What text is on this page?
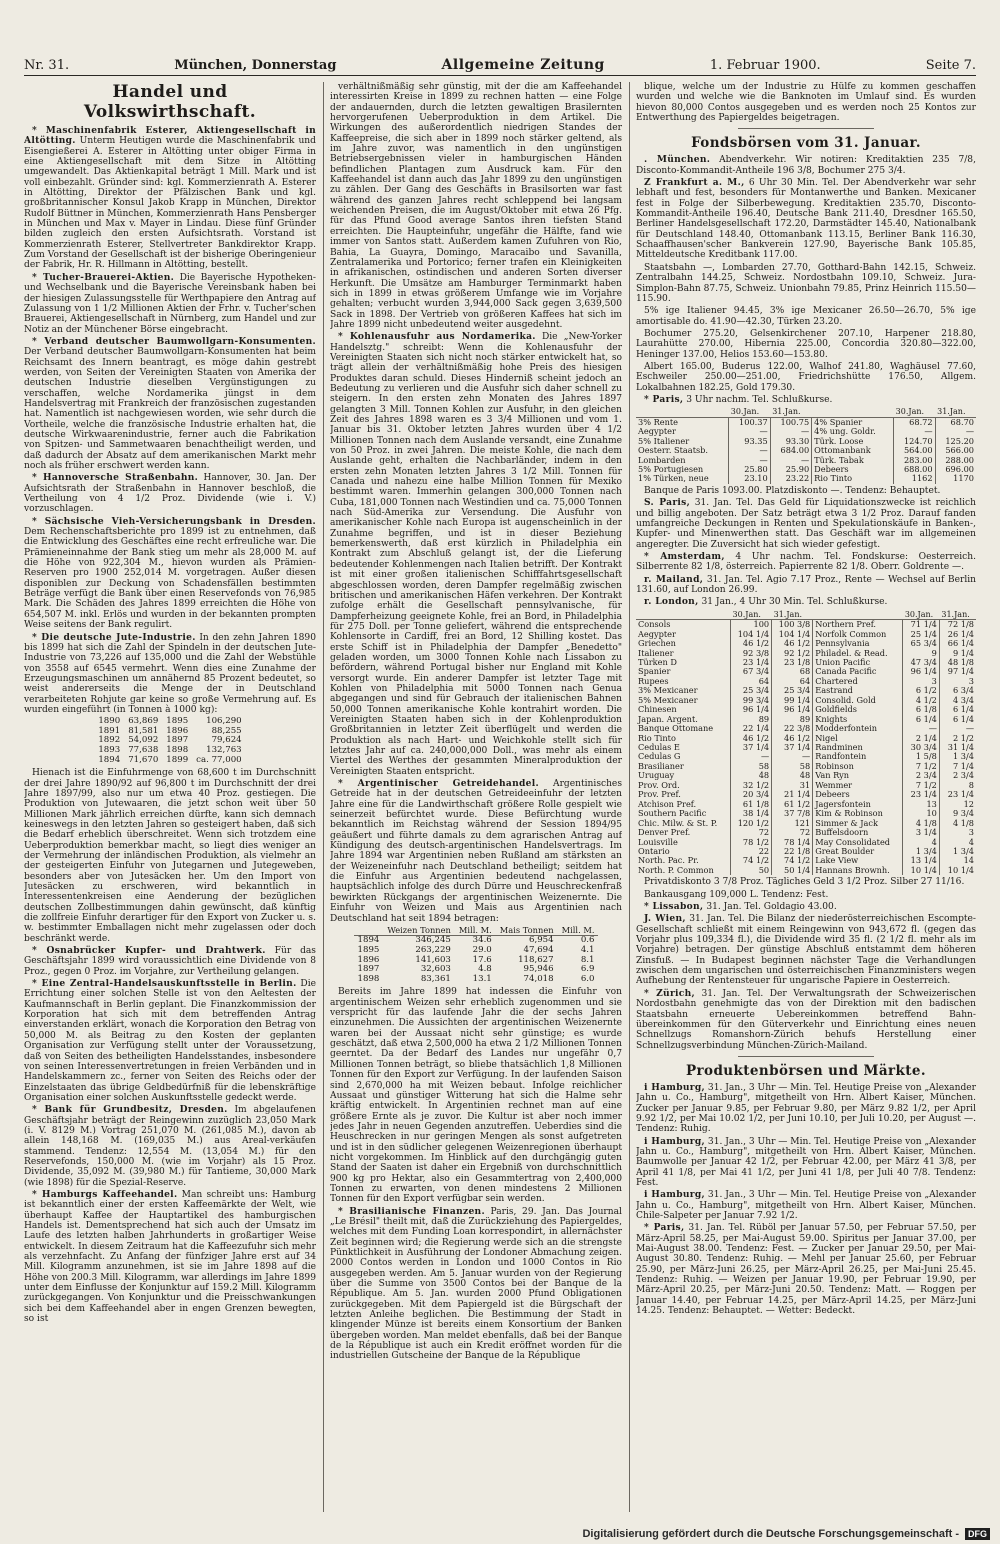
Nr. 31.	München, Donnerstag	Allgemeine Zeitung	1. Februar 1900.	Seite 7.
Handel und Volkswirthschaft.

* Maschinenfabrik Esterer, Aktiengesellschaft in Altötting. Unterm Heutigen wurde die Maschinenfabrik und Eisengießerei A. Esterer in Altötting unter obiger Firma in eine Aktiengesellschaft mit dem Sitze in Altötting umgewandelt. Das Aktienkapital beträgt 1 Mill. Mark und ist voll einbezahlt. Gründer sind: kgl. Kommerzienrath A. Esterer in Altötting, Direktor der Pfälzischen Bank und kgl. großbritannischer Konsul Jakob Krapp in München, Direktor Rudolf Büttner in München, Kommerzienrath Hans Pensberger in München und Max v. Mayer in Lindau. Diese fünf Gründer bilden zugleich den ersten Aufsichtsrath. Vorstand ist Kommerzienrath Esterer, Stellvertreter Bankdirektor Krapp. Zum Vorstand der Gesellschaft ist der bisherige Oberingenieur der Fabrik, Hr. R. Hillmann in Altötting, bestellt.

* Tucher-Brauerei-Aktien. Die Bayerische Hypotheken- und Wechselbank und die Bayerische Vereinsbank haben bei der hiesigen Zulassungsstelle für Werthpapiere den Antrag auf Zulassung von 1 1/2 Millionen Aktien der Frhr. v. Tucher'schen Brauerei, Aktiengesellschaft in Nürnberg, zum Handel und zur Notiz an der Münchener Börse eingebracht.

* Verband deutscher Baumwollgarn-Konsumenten. Der Verband deutscher Baumwollgarn-Konsumenten hat beim Reichsamt des Innern beantragt, es möge dahin gestrebt werden, von Seiten der Vereinigten Staaten von Amerika der deutschen Industrie dieselben Vergünstigungen zu verschaffen, welche Nordamerika jüngst in dem Handelsvertrag mit Frankreich der französischen zugestanden hat. Namentlich ist nachgewiesen worden, wie sehr durch die Vortheile, welche die französische Industrie erhalten hat, die deutsche Wirkwaarenindustrie, ferner auch die Fabrikation von Spitzen- und Sammetwaaren benachtheiligt werden, und daß dadurch der Absatz auf dem amerikanischen Markt mehr noch als früher erschwert werden kann.

* Hannoversche Straßenbahn. Hannover, 30. Jan. Der Aufsichtsrath der Straßenbahn in Hannover beschloß, die Vertheilung von 4 1/2 Proz. Dividende (wie i. V.) vorzuschlagen.

* Sächsische Vieh-Versicherungsbank in Dresden. Dem Rechenschaftsberichte pro 1899 ist zu entnehmen, daß die Entwicklung des Geschäftes eine recht erfreuliche war. Die Prämieneinnahme der Bank stieg um mehr als 28,000 M. auf die Höhe von 922,304 M., hievon wurden als Prämien-Reserven pro 1900 252,014 M. vorgetragen. Außer diesen disponiblen zur Deckung von Schadensfällen bestimmten Beträge verfügt die Bank über einen Reservefonds von 76,985 Mark. Die Schäden des Jahres 1899 erreichten die Höhe von 654,507 M. inkl. Erlös und wurden in der bekannten prompten Weise seitens der Bank regulirt.

* Die deutsche Jute-Industrie. In den zehn Jahren 1890 bis 1899 hat sich die Zahl der Spindeln in der deutschen Jute-Industrie von 73,226 auf 135,000 und die Zahl der Webstühle von 3558 auf 6545 vermehrt. Wenn dies eine Zunahme der Erzeugungsmaschinen um annähernd 85 Prozent bedeutet, so weist andererseits die Menge der in Deutschland verarbeiteten Rohjute gar keine so große Vermehrung auf. Es wurden eingeführt (in Tonnen à 1000 kg):

1890	63,869	1895	106,290
1891	81,581	1896	88,255
1892	54,092	1897	79,624
1893	77,638	1898	132,763
1894	71,670	1899	ca. 77,000

Hienach ist die Einfuhrmenge von 68,600 t im Durchschnitt der drei Jahre 1890/92 auf 96,800 t im Durchschnitt der drei Jahre 1897/99, also nur um etwa 40 Proz. gestiegen. Die Produktion von Jutewaaren, die jetzt schon weit über 50 Millionen Mark jährlich erreichen dürfte, kann sich demnach keineswegs in den letzten Jahren so gesteigert haben, daß sich die Bedarf erheblich überschreitet. Wenn sich trotzdem eine Ueberproduktion bemerkbar macht, so liegt dies weniger an der Vermehrung der inländischen Produktion, als vielmehr an der gesteigerten Einfuhr von Jutegarnen und Jutegeweben, besonders aber von Jutesäcken her. Um den Import von Jutesäcken zu erschweren, wird bekanntlich in Interessentenkreisen eine Aenderung der bezüglichen deutschen Zollbestimmungen dahin gewünscht, daß künftig die zollfreie Einfuhr derartiger für den Export von Zucker u. s. w. bestimmter Emballagen nicht mehr zugelassen oder doch beschränkt werde.

* Osnabrücker Kupfer- und Drahtwerk. Für das Geschäftsjahr 1899 wird voraussichtlich eine Dividende von 8 Proz., gegen 0 Proz. im Vorjahre, zur Vertheilung gelangen.

* Eine Zentral-Handelsauskunftsstelle in Berlin. Die Errichtung einer solchen Stelle ist von den Aeltesten der Kaufmannschaft in Berlin geplant. Die Finanzkommission der Korporation hat sich mit dem betreffenden Antrag einverstanden erklärt, wonach die Korporation den Betrag von 50,000 M. als Beitrag zu den Kosten der geplanten Organisation zur Verfügung stellt unter der Voraussetzung, daß von Seiten des betheiligten Handelsstandes, insbesondere von seinen Interessenvertretungen in freien Verbänden und in Handelskammern zc., ferner von Seiten des Reichs oder der Einzelstaaten das übrige Geldbedürfniß für die lebenskräftige Organisation einer solchen Auskunftsstelle gedeckt werde.

* Bank für Grundbesitz, Dresden. Im abgelaufenen Geschäftsjahr beträgt der Reingewinn zuzüglich 23,050 Mark (i. V. 8129 M.) Vortrag 251,070 M. (261,085 M.), davon ab allein 148,168 M. (169,035 M.) aus Areal-verkäufen stammend. Tendenz: 12,554 M. (13,054 M.) für den Reservefonds, 150,000 M. (wie im Vorjahr) als 15 Proz. Dividende, 35,092 M. (39,980 M.) für Tantieme, 30,000 Mark (wie 1898) für die Spezial-Reserve.

* Hamburgs Kaffeehandel. Man schreibt uns: Hamburg ist bekanntlich einer der ersten Kaffeemärkte der Welt, wie überhaupt Kaffee der Hauptartikel des hamburgischen Handels ist. Dementsprechend hat sich auch der Umsatz im Laufe des letzten halben Jahrhunderts in großartiger Weise entwickelt. In diesem Zeitraum hat die Kaffeezufuhr sich mehr als verzehnfacht. Zu Anfang der fünfziger Jahre erst auf 34 Mill. Kilogramm anzunehmen, ist sie im Jahre 1898 auf die Höhe von 200.3 Mill. Kilogramm, war allerdings im Jahre 1899 unter dem Einflusse der Konjunktur auf 159.2 Mill. Kilogramm zurückgegangen. Von Konjunktur und die Preisschwankungen sich bei dem Kaffeehandel aber in engen Grenzen bewegten, so ist

verhältnißmäßig sehr günstig, mit der die am Kaffeehandel interessirten Kreise in 1899 zu rechnen hatten — eine Folge der andauernden, durch die letzten gewaltigen Brasilernten hervorgerufenen Ueberproduktion in dem Artikel. Die Wirkungen des außerordentlich niedrigen Standes der Kaffeepreise, die sich aber in 1899 noch stärker geltend, als im Jahre zuvor, was namentlich in den ungünstigen Betriebsergebnissen vieler in hamburgischen Händen befindlichen Plantagen zum Ausdruck kam. Für den Kaffeehandel ist dann auch das Jahr 1899 zu den ungünstigen zu zählen. Der Gang des Geschäfts in Brasilsorten war fast während des ganzen Jahres recht schleppend bei langsam weichenden Preisen, die im August/Oktober mit etwa 26 Pfg. für das Pfund Good average Santos ihren tiefsten Stand erreichten. Die Haupteinfuhr, ungefähr die Hälfte, fand wie immer von Santos statt. Außerdem kamen Zufuhren von Rio, Bahia, La Guayra, Domingo, Maracaibo und Savanilla, Zentralamerika und Portorico; ferner trafen ein Kleinigkeiten in afrikanischen, ostindischen und anderen Sorten diverser Herkunft. Die Umsätze am Hamburger Terminmarkt haben sich in 1899 in etwas größerem Umfange wie im Vorjahre gehalten; verbucht wurden 3,944,000 Sack gegen 3,639,500 Sack in 1898. Der Vertrieb von größeren Kaffees hat sich im Jahre 1899 nicht unbedeutend weiter ausgedehnt.

* Kohlenausfuhr aus Nordamerika. Die „New-Yorker Handelsztg." schreibt: Wenn die Kohlenausfuhr der Vereinigten Staaten sich nicht noch stärker entwickelt hat, so trägt allein der verhältnißmäßig hohe Preis des hiesigen Produktes daran schuld. Dieses Hinderniß scheint jedoch an Bedeutung zu verlieren und die Ausfuhr sich daher schnell zu steigern. In den ersten zehn Monaten des Jahres 1897 gelangten 3 Mill. Tonnen Kohlen zur Ausfuhr, in den gleichen Zeit des Jahres 1898 waren es 3 3/4 Millionen und vom 1. Januar bis 31. Oktober letzten Jahres wurden über 4 1/2 Millionen Tonnen nach dem Auslande versandt, eine Zunahme von 50 Proz. in zwei Jahren. Die meiste Kohle, die nach dem Auslande geht, erhalten die Nachbarländer, indem in den ersten zehn Monaten letzten Jahres 3 1/2 Mill. Tonnen für Canada und nahezu eine halbe Million Tonnen für Mexiko bestimmt waren. Immerhin gelangen 300,000 Tonnen nach Cuba, 181,000 Tonnen nach Westindien und ca. 75,000 Tonnen nach Süd-Amerika zur Versendung. Die Ausfuhr von amerikanischer Kohle nach Europa ist augenscheinlich in der Zunahme begriffen, und ist in dieser Beziehung bemerkenswerth, daß erst kürzlich in Philadelphia ein Kontrakt zum Abschluß gelangt ist, der die Lieferung bedeutender Kohlenmengen nach Italien betrifft. Der Kontrakt ist mit einer großen italienischen Schifffahrtsgesellschaft abgeschlossen worden, deren Dampfer regelmäßig zwischen britischen und amerikanischen Häfen verkehren. Der Kontrakt zufolge erhält die Gesellschaft pennsylvanische, für Dampferheizung geeignete Kohle, frei an Bord, in Philadelphia für 275 Doll. per Tonne geliefert, während die entsprechende Kohlensorte in Cardiff, frei an Bord, 12 Shilling kostet. Das erste Schiff ist in Philadelphia der Dampfer „Benedetto" geladen worden, um 3000 Tonnen Kohle nach Lissabon zu befördern, während Portugal bisher nur England mit Kohle versorgt wurde. Ein anderer Dampfer ist letzter Tage mit Kohlen von Philadelphia mit 5000 Tonnen nach Genua abgegangen und sind für Gebrauch der italienischen Bahnen 50,000 Tonnen amerikanische Kohle kontrahirt worden. Die Vereinigten Staaten haben sich in der Kohlenproduktion Großbritannien in letzter Zeit überflügelt und werden die Produktion als nach Hart- und Weichkohle stellt sich für letztes Jahr auf ca. 240,000,000 Doll., was mehr als einem Viertel des Werthes der gesammten Mineralproduktion der Vereinigten Staaten entspricht.

* Argentinischer Getreidehandel. Argentinisches Getreide hat in der deutschen Getreideeinfuhr der letzten Jahre eine für die Landwirthschaft größere Rolle gespielt wie seinerzeit befürchtet wurde. Diese Befürchtung wurde bekanntlich im Reichstag während der Session 1894/95 geäußert und führte damals zu dem agrarischen Antrag auf Kündigung des deutsch-argentinischen Handelsvertrags. Im Jahre 1894 war Argentinien neben Rußland am stärksten an der Weizeneinfuhr nach Deutschland betheiligt; seitdem hat die Einfuhr aus Argentinien bedeutend nachgelassen, hauptsächlich infolge des durch Dürre und Heuschreckenfraß bewirkten Rückgangs der argentinischen Weizenernte. Die Einfuhr von Weizen und Mais aus Argentinien nach Deutschland hat seit 1894 betragen:

	Weizen Tonnen	Mill. M.	Mais Tonnen	Mill. M.
1894	346,245	34.6	6,954	0.6
1895	263,229	29.0	47,694	4.1
1896	141,603	17.6	118,627	8.1
1897	32,603	4.8	95,946	6.9
1898	83,361	13.1	74,018	6.0

Bereits im Jahre 1899 hat indessen die Einfuhr von argentinischem Weizen sehr erheblich zugenommen und sie verspricht für das laufende Jahr die der sechs Jahren einzunehmen. Die Aussichten der argentinischen Weizenernte waren bei der Aussaat nicht sehr günstige; es wurde geschätzt, daß etwa 2,500,000 ha etwa 2 1/2 Millionen Tonnen geerntet. Da der Bedarf des Landes nur ungefähr 0,7 Millionen Tonnen beträgt, so bliebe thatsächlich 1,8 Millionen Tonnen für den Export zur Verfügung. In der laufenden Saison sind 2,670,000 ha mit Weizen bebaut. Infolge reichlicher Aussaat und günstiger Witterung hat sich die Halme sehr kräftig entwickelt. In Argentinien rechnet man auf eine größere Ernte als je zuvor. Die Kultur ist aber noch immer jedes Jahr in neuen Gegenden anzutreffen. Ueberdies sind die Heuschrecken in nur geringen Mengen als sonst aufgetreten und ist in den südlicher gelegenen Weizenregionen überhaupt nicht vorgekommen. Im Hinblick auf den durchgängig guten Stand der Saaten ist daher ein Ergebniß von durchschnittlich 900 kg pro Hektar, also ein Gesammtertrag von 2,400,000 Tonnen zu erwarten, von denen mindestens 2 Millionen Tonnen für den Export verfügbar sein werden.

* Brasilianische Finanzen. Paris, 29. Jan. Das Journal „Le Brésil" theilt mit, daß die Zurückziehung des Papiergeldes, welches mit dem Funding Loan korrespondirt, in allernächster Zeit beginnen wird; die Regierung werde sich an die strengste Pünktlichkeit in Ausführung der Londoner Abmachung zeigen. 2000 Contos werden in London und 1000 Contos in Rio ausgegeben werden. Am 5. Januar wurden von der Regierung über die Summe von 3500 Contos bei der Banque de la République. Am 5. Jan. wurden 2000 Pfund Obligationen zurückgegeben. Mit dem Papiergeld ist die Bürgschaft der letzten Anleihe beglichen. Die Bestimmung der Stadt in klingender Münze ist bereits einem Konsortium der Banken übergeben worden. Man meldet ebenfalls, daß bei der Banque de la République ist auch ein Kredit eröffnet worden für die industriellen Gutscheine der Banque de la République

blique, welche um der Industrie zu Hülfe zu kommen geschaffen wurden und welche wie die Banknoten im Umlauf sind. Es wurden hievon 80,000 Contos ausgegeben und es werden noch 25 Kontos zur Entwerthung des Papiergeldes beigetragen.
Fondsbörsen vom 31. Januar.

. München. Abendverkehr. Wir notiren: Kreditaktien 235 7/8, Disconto-Kommandit-Antheile 196 3/8, Bochumer 275 3/4.

Z Frankfurt a. M., 6 Uhr 30 Min. Tel. Der Abendverkehr war sehr lebhaft und fest, besonders für Montanwerthe und Banken. Mexicaner fest in Folge der Silberbewegung. Kreditaktien 235.70, Disconto-Kommandit-Antheile 196.40, Deutsche Bank 211.40, Dresdner 165.50, Berliner Handelsgesellschaft 172.20, Darmstädter 145.40, Nationalbank für Deutschland 148.40, Ottomanbank 113.15, Berliner Bank 116.30, Schaaffhausen'scher Bankverein 127.90, Bayerische Bank 105.85, Mitteldeutsche Kreditbank 117.00.

Staatsbahn —, Lombarden 27.70, Gotthard-Bahn 142.15, Schweiz. Zentralbahn 144.25, Schweiz. Nordostbahn 109.10, Schweiz. Jura-Simplon-Bahn 87.75, Schweiz. Unionbahn 79.85, Prinz Heinrich 115.50—115.90.

5% ige Italiener 94.45, 3% ige Mexicaner 26.50—26.70, 5% ige amortisable do. 41.90—42.30, Türken 23.20.

Bochumer 275.20, Gelsenkirchener 207.10, Harpener 218.80, Laurahütte 270.00, Hibernia 225.00, Concordia 320.80—322.00, Heninger 137.00, Helios 153.60—153.80.

Albert 165.00, Buderus 122.00, Walhof 241.80, Waghäusel 77.60, Eschweiler 250.00—251.00, Friedrichshütte 176.50, Allgem. Lokalbahnen 182.25, Gold 179.30.

* Paris, 3 Uhr nachm. Tel. Schlußkurse.

	30.Jan.	31.Jan.		30.Jan.	31.Jan.
3% Rente	100.37	100.75	4% Spanier	68.72	68.70
Aegypter	—	—	4% ung. Goldr.	—	—
5% Italiener	93.35	93.30	Türk. Loose	124.70	125.20
Oesterr. Staatsb.	—	684.00	Ottomanbank	564.00	566.00
Lombarden	—	—	Türk. Tabak	283.00	288.00
5% Portugiesen	25.80	25.90	Debeers	688.00	696.00
1% Türken, neue	23.10	23.22	Rio Tinto	1162	1170
Banque de Paris 1093.00. Platzdiskonto —. Tendenz: Behauptet.

S. Paris, 31. Jan. Tel. Das Geld für Liquidationszwecke ist reichlich und billig angeboten. Der Satz beträgt etwa 3 1/2 Proz. Darauf fanden umfangreiche Deckungen in Renten und Spekulationskäufe in Banken-, Kupfer- und Minenwerthen statt. Das Geschäft war im allgemeinen angeregter. Die Zuversicht hat sich wieder gefestigt.

* Amsterdam, 4 Uhr nachm. Tel. Fondskurse: Oesterreich. Silberrente 82 1/8, österreich. Papierrente 82 1/8. Oberr. Goldrente —.

r. Mailand, 31. Jan. Tel. Agio 7.17 Proz., Rente — Wechsel auf Berlin 131.60, auf London 26.99.

r. London, 31 Jan., 4 Uhr 30 Min. Tel. Schlußkurse.

	30.Jan.	31.Jan.		30.Jan.	31.Jan.
Consols	100	100 3/8	Northern Pref.	71 1/4	72 1/8
Aegypter	104 1/4	104 1/4	Norfolk Common	25 1/4	26 1/4
Griechen	46 1/2	46 1/2	Pennsylvania	65 3/4	66 1/4
Italiener	92 3/8	92 1/2	Philadel. & Read.	9	9 1/4
Türken D	23 1/4	23 1/8	Union Pacific	47 3/4	48 1/8
Spanier	67 3/4	68	Canada Pacific	96 1/4	97 1/4
Rupees	64	64	Chartered	3	3
3% Mexicaner	25 3/4	25 3/4	Eastrand	6 1/2	6 3/4
5% Mexicaner	99 3/4	99 1/4	Consolid. Gold	4 1/2	4 3/4
Chinesen	96 1/4	96 1/4	Goldfields	6 1/8	6 1/4
Japan. Argent.	89	89	Knights	6 1/4	6 1/4
Banque Ottomane	22 1/4	22 3/8	Modderfontein	—	—
Rio Tinto	46 1/2	46 1/2	Nigel	2 1/4	2 1/2
Cedulas E	37 1/4	37 1/4	Randminen	30 3/4	31 1/4
Cedulas G	—	—	Randfontein	1 5/8	1 3/4
Brasilianer	58	58	Robinson	7 1/2	7 1/4
Uruguay	48	48	Van Ryn	2 3/4	2 3/4
Prov. Ord.	32 1/2	31	Wemmer	7 1/2	8
Prov. Pref.	20 3/4	21 1/4	Debeers	23 1/4	23 1/4
Atchison Pref.	61 1/8	61 1/2	Jagersfontein	13	12
Southern Pacific	38 1/4	37 7/8	Kim & Robinson	10	9 3/4
Chic. Milw. & St. P.	120 1/2	121	Simmer & Jack	4 1/8	4 1/8
Denver Pref.	72	72	Buffelsdoorn	3 1/4	3
Louisville	78 1/2	78 1/4	May Consolidated	4	4
Ontario	22	22 1/8	Great Boulder	1 3/4	1 3/4
North. Pac. Pr.	74 1/2	74 1/2	Lake View	13 1/4	14
North. P. Common	50	50 1/4	Hannans Brownh.	10 1/4	10 1/4
Privatdiskonto 3 7/8 Proz. Tägliches Geld 3 1/2 Proz. Silber 27 11/16.
Bankausgang 109,000 L. Tendenz: Fest.

* Lissabon, 31. Jan. Tel. Goldagio 43.00.

J. Wien, 31. Jan. Tel. Die Bilanz der niederösterreichischen Escompte-Gesellschaft schließt mit einem Reingewinn von 943,672 fl. (gegen das Vorjahr plus 109,334 fl.), die Dividende wird 35 fl. (2 1/2 fl. mehr als im Vorjahre) betragen. Der günstige Abschluß entstammt dem höheren Zinsfuß. — In Budapest beginnen nächster Tage die Verhandlungen zwischen dem ungarischen und österreichischen Finanzministers wegen Aufhebung der Rentensteuer für ungarische Papiere in Oesterreich.

* Zürich, 31. Jan. Tel. Der Verwaltungsrath der Schweizerischen Nordostbahn genehmigte das von der Direktion mit den badischen Staatsbahn erneuerte Uebereinkommen betreffend Bahn-übereinkommen für den Güterverkehr und Einrichtung eines neuen Schnellzugs Romanshorn-Zürich behufs Herstellung einer Schnellzugsverbindung München-Zürich-Mailand.

Produktenbörsen und Märkte.

i Hamburg, 31. Jan., 3 Uhr — Min. Tel. Heutige Preise von „Alexander Jahn u. Co., Hamburg", mitgetheilt von Hrn. Albert Kaiser, München. Zucker per Januar 9.85, per Februar 9.80, per März 9.82 1/2, per April 9.92 1/2, per Mai 10.02 1/2, per Juni 10.10, per Juli 10.20, per August —. Tendenz: Ruhig.

i Hamburg, 31. Jan., 3 Uhr — Min. Tel. Heutige Preise von „Alexander Jahn u. Co., Hamburg", mitgetheilt von Hrn. Albert Kaiser, München. Baumwolle per Januar 42 1/2, per Februar 42.00, per März 41 3/8, per April 41 1/8, per Mai 41 1/2, per Juni 41 1/8, per Juli 40 7/8. Tendenz: Fest.

i Hamburg, 31. Jan., 3 Uhr — Min. Tel. Heutige Preise von „Alexander Jahn u. Co., Hamburg", mitgetheilt von Hrn. Albert Kaiser, München. Chile-Salpeter per Januar 7.92 1/2.

* Paris, 31. Jan. Tel. Rüböl per Januar 57.50, per Februar 57.50, per März-April 58.25, per Mai-August 59.00. Spiritus per Januar 37.00, per Mai-August 38.00. Tendenz: Fest. — Zucker per Januar 29.50, per Mai-August 30.80. Tendenz: Ruhig. — Mehl per Januar 25.60, per Februar 25.90, per März-Juni 26.25, per März-April 26.25, per Mai-Juni 25.45. Tendenz: Ruhig. — Weizen per Januar 19.90, per Februar 19.90, per März-April 20.25, per März-Juni 20.50. Tendenz: Matt. — Roggen per Januar 14.40, per Februar 14.25, per März-April 14.25, per März-Juni 14.25. Tendenz: Behauptet. — Wetter: Bedeckt.

Digitalisierung gefördert durch die Deutsche Forschungsgemeinschaft -	DFG
